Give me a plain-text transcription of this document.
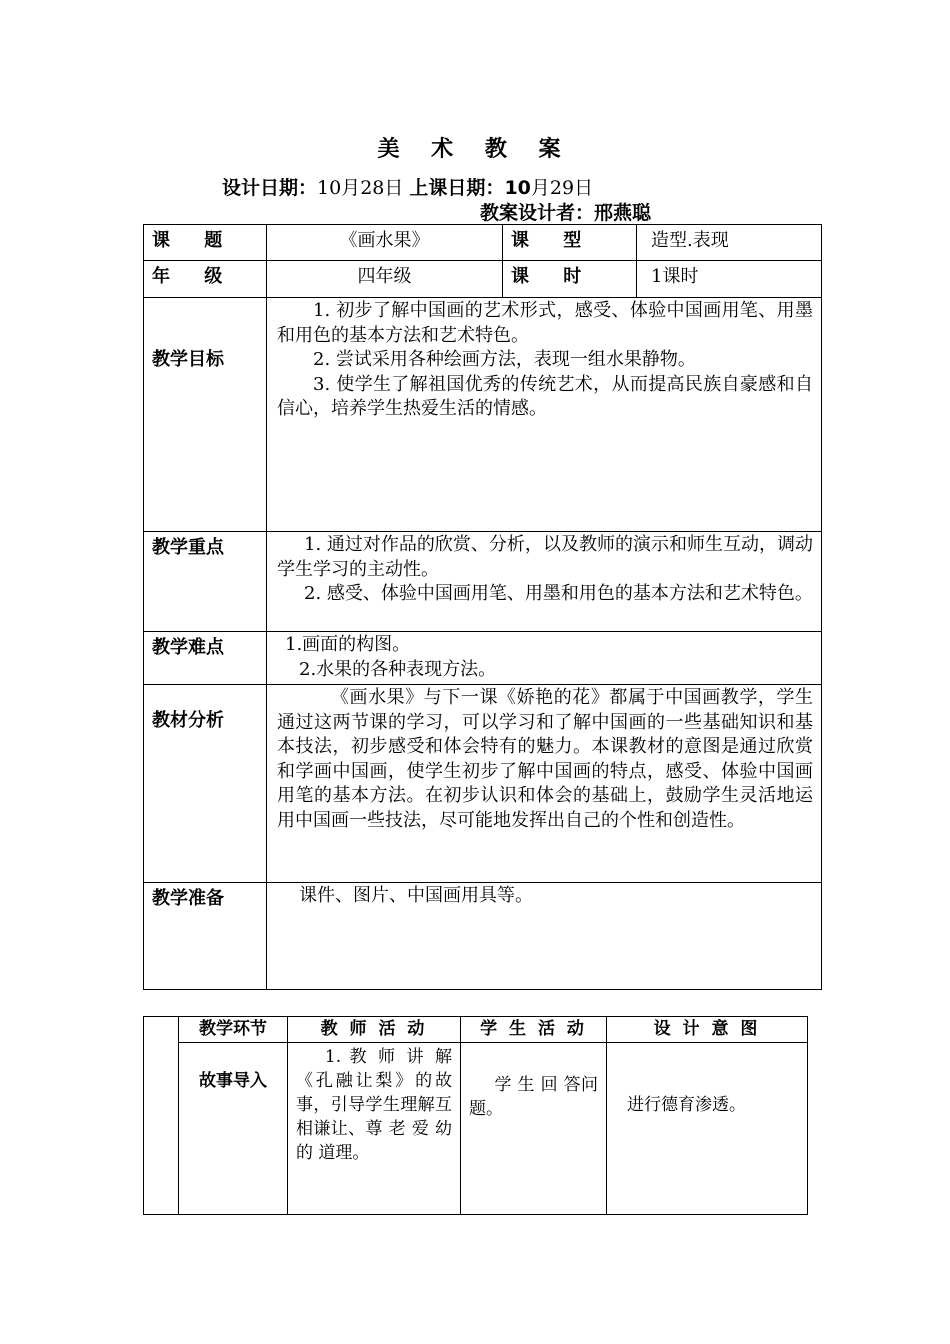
美 术 教 案
设计日期：10月28日 上课日期：10月29日
教案设计者：邢燕聪
课 题	《画水果》	课 型	造型.表现
年 级	四年级	课 时	1课时
教学目标	1. 初步了解中国画的艺术形式，感受、体验中国画用笔、用墨和用色的基本方法和艺术特色。

2. 尝试采用各种绘画方法，表现一组水果静物。

3. 使学生了解祖国优秀的传统艺术，从而提高民族自豪感和自信心，培养学生热爱生活的情感。		

教学重点	1. 通过对作品的欣赏、分析，以及教师的演示和师生互动，调动学生学习的主动性。

2. 感受、体验中国画用笔、用墨和用色的基本方法和艺术特色。		

教学难点	1.画面的构图。

2.水果的各种表现方法。		

教材分析	《画水果》与下一课《娇艳的花》都属于中国画教学，学生通过这两节课的学习，可以学习和了解中国画的一些基础知识和基本技法，初步感受和体会特有的魅力。本课教材的意图是通过欣赏和学画中国画，使学生初步了解中国画的特点，感受、体验中国画用笔的基本方法。在初步认识和体会的基础上，鼓励学生灵活地运用中国画一些技法，尽可能地发挥出自己的个性和创造性。		

教学准备	课件、图片、中国画用具等。		
	教学环节	教 师 活 动	学 生 活 动	设 计 意 图
	故事导入	1. 教 师 讲 解《孔融让梨》的故事，引导学生理解互相谦让、尊 老 爱 幼 的 道理。	学 生 回 答问题。	进行德育渗透。
